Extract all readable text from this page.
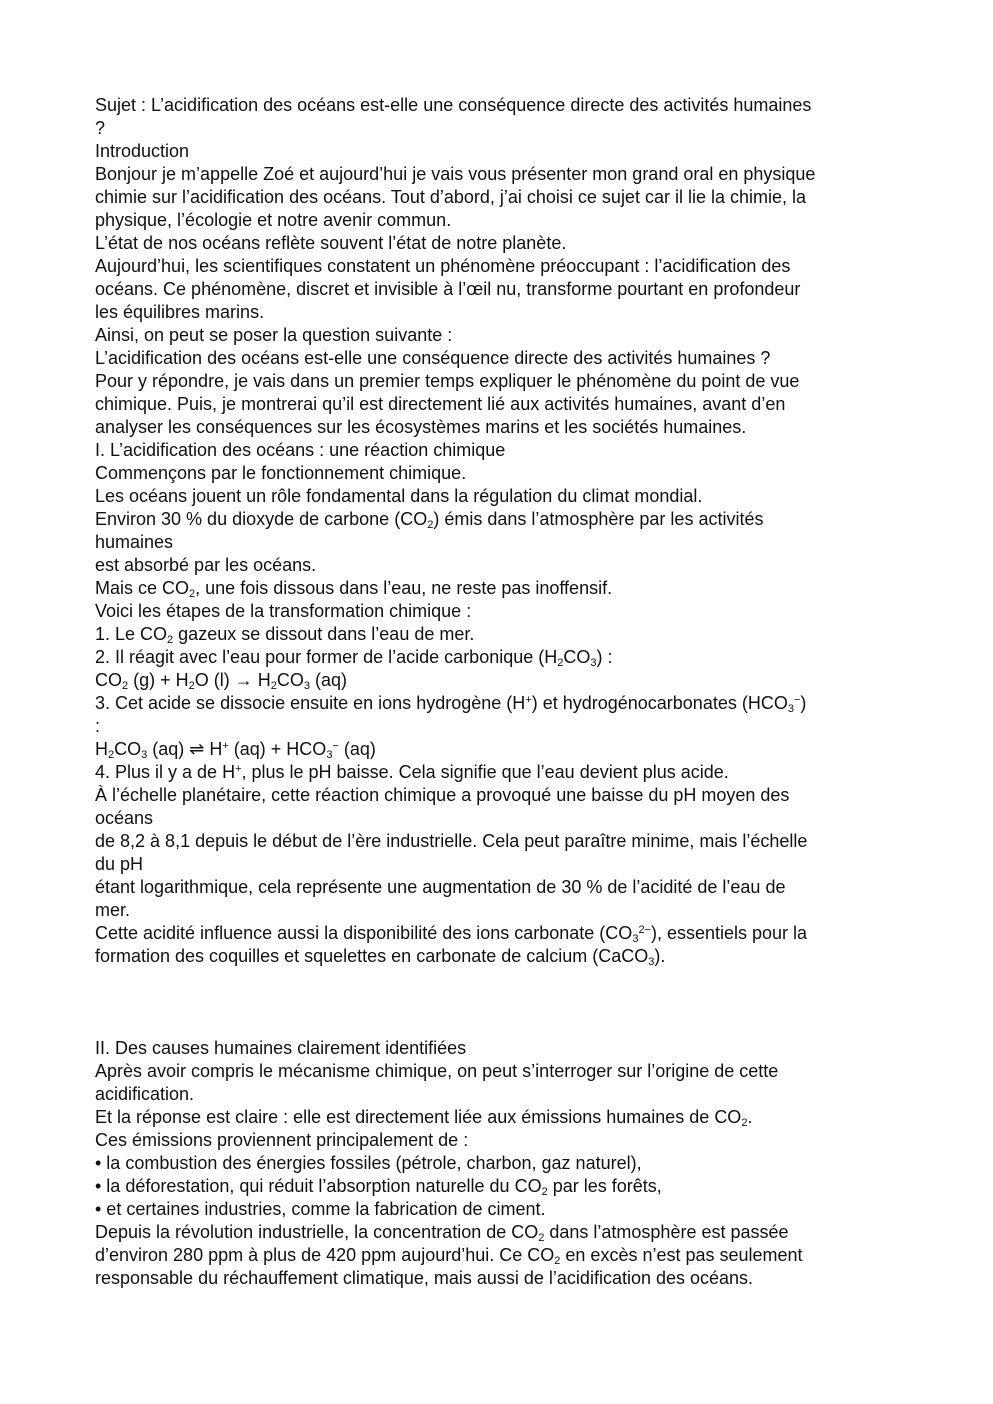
Sujet : L’acidification des océans est-elle une conséquence directe des activités humaines

?

Introduction

Bonjour je m’appelle Zoé et aujourd’hui je vais vous présenter mon grand oral en physique

chimie sur l’acidification des océans. Tout d’abord, j’ai choisi ce sujet car il lie la chimie, la

physique, l’écologie et notre avenir commun.

L’état de nos océans reflète souvent l’état de notre planète.

Aujourd’hui, les scientifiques constatent un phénomène préoccupant : l’acidification des

océans. Ce phénomène, discret et invisible à l’œil nu, transforme pourtant en profondeur

les équilibres marins.

Ainsi, on peut se poser la question suivante :

L’acidification des océans est-elle une conséquence directe des activités humaines ?

Pour y répondre, je vais dans un premier temps expliquer le phénomène du point de vue

chimique. Puis, je montrerai qu’il est directement lié aux activités humaines, avant d’en

analyser les conséquences sur les écosystèmes marins et les sociétés humaines.

I. L’acidification des océans : une réaction chimique

Commençons par le fonctionnement chimique.

Les océans jouent un rôle fondamental dans la régulation du climat mondial.

Environ 30 % du dioxyde de carbone $(CO_2)$ émis dans l’atmosphère par les activités

humaines

est absorbé par les océans.

Mais ce $CO_2$, une fois dissous dans l’eau, ne reste pas inoffensif.

Voici les étapes de la transformation chimique :

1. Le $CO_2$ gazeux se dissout dans l’eau de mer.

2. Il réagit avec l’eau pour former de l’acide carbonique $(H_2CO_3)$ :

$CO_2$ $(g) + H_2O$ $(l) \to H_2CO_3$ (aq)

3. Cet acide se dissocie ensuite en ions hydrogène (H+) et hydrogénocarbonates $(HCO_3^-)$

:

$H_2CO_3$ (aq) ⇌ H+ $(aq) + HCO_3^-$ (aq)

4. Plus il y a de H+, plus le pH baisse. Cela signifie que l’eau devient plus acide.

À l’échelle planétaire, cette réaction chimique a provoqué une baisse du pH moyen des

océans

de 8,2 à 8,1 depuis le début de l’ère industrielle. Cela peut paraître minime, mais l’échelle

du pH

étant logarithmique, cela représente une augmentation de 30 % de l’acidité de l’eau de

mer.

Cette acidité influence aussi la disponibilité des ions carbonate $(CO_3^{2-})$, essentiels pour la

formation des coquilles et squelettes en carbonate de calcium (CaCO$_3$).

II. Des causes humaines clairement identifiées

Après avoir compris le mécanisme chimique, on peut s’interroger sur l’origine de cette

acidification.

Et la réponse est claire : elle est directement liée aux émissions humaines de $CO_2$.

Ces émissions proviennent principalement de :

• la combustion des énergies fossiles (pétrole, charbon, gaz naturel),

• la déforestation, qui réduit l’absorption naturelle du $CO_2$ par les forêts,

• et certaines industries, comme la fabrication de ciment.

Depuis la révolution industrielle, la concentration de $CO_2$ dans l’atmosphère est passée

d’environ 280 ppm à plus de 420 ppm aujourd’hui. Ce $CO_2$ en excès n’est pas seulement

responsable du réchauffement climatique, mais aussi de l’acidification des océans.
